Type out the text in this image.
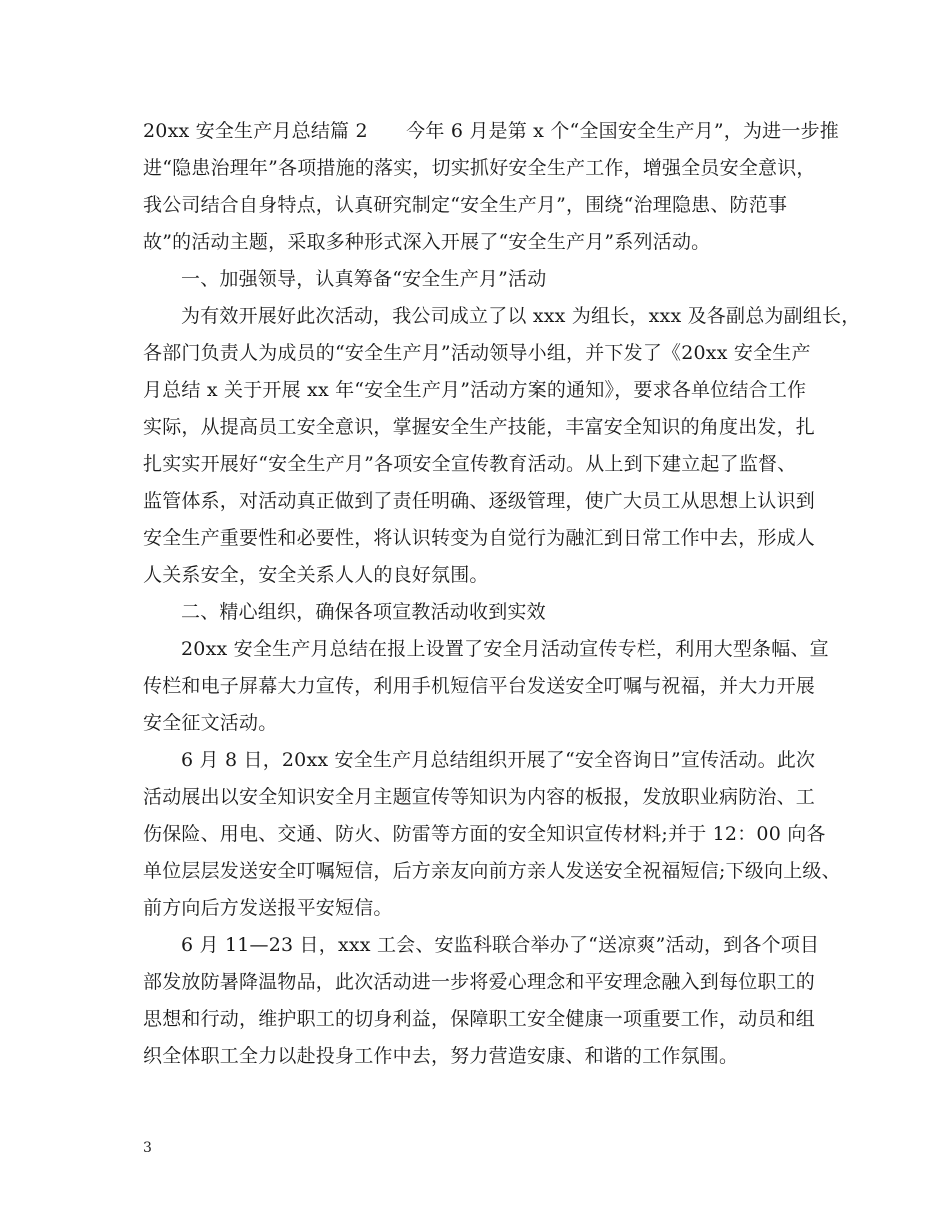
20xx 安全生产月总结篇 2　　今年 6 月是第 x 个“全国安全生产月”，为进一步推
进“隐患治理年”各项措施的落实，切实抓好安全生产工作，增强全员安全意识，
我公司结合自身特点，认真研究制定“安全生产月”，围绕“治理隐患、防范事
故”的活动主题，采取多种形式深入开展了“安全生产月”系列活动。
一、加强领导，认真筹备“安全生产月”活动
为有效开展好此次活动，我公司成立了以 xxx 为组长，xxx 及各副总为副组长，
各部门负责人为成员的“安全生产月”活动领导小组，并下发了《20xx 安全生产
月总结 x 关于开展 xx 年“安全生产月”活动方案的通知》，要求各单位结合工作
实际，从提高员工安全意识，掌握安全生产技能，丰富安全知识的角度出发，扎
扎实实开展好“安全生产月”各项安全宣传教育活动。从上到下建立起了监督、
监管体系，对活动真正做到了责任明确、逐级管理，使广大员工从思想上认识到
安全生产重要性和必要性，将认识转变为自觉行为融汇到日常工作中去，形成人
人关系安全，安全关系人人的良好氛围。
二、精心组织，确保各项宣教活动收到实效
20xx 安全生产月总结在报上设置了安全月活动宣传专栏，利用大型条幅、宣
传栏和电子屏幕大力宣传，利用手机短信平台发送安全叮嘱与祝福，并大力开展
安全征文活动。
6 月 8 日，20xx 安全生产月总结组织开展了“安全咨询日”宣传活动。此次
活动展出以安全知识安全月主题宣传等知识为内容的板报，发放职业病防治、工
伤保险、用电、交通、防火、防雷等方面的安全知识宣传材料;并于 12：00 向各
单位层层发送安全叮嘱短信，后方亲友向前方亲人发送安全祝福短信;下级向上级、
前方向后方发送报平安短信。
6 月 11—23 日，xxx 工会、安监科联合举办了“送凉爽”活动，到各个项目
部发放防暑降温物品，此次活动进一步将爱心理念和平安理念融入到每位职工的
思想和行动，维护职工的切身利益，保障职工安全健康一项重要工作，动员和组
织全体职工全力以赴投身工作中去，努力营造安康、和谐的工作氛围。
3
